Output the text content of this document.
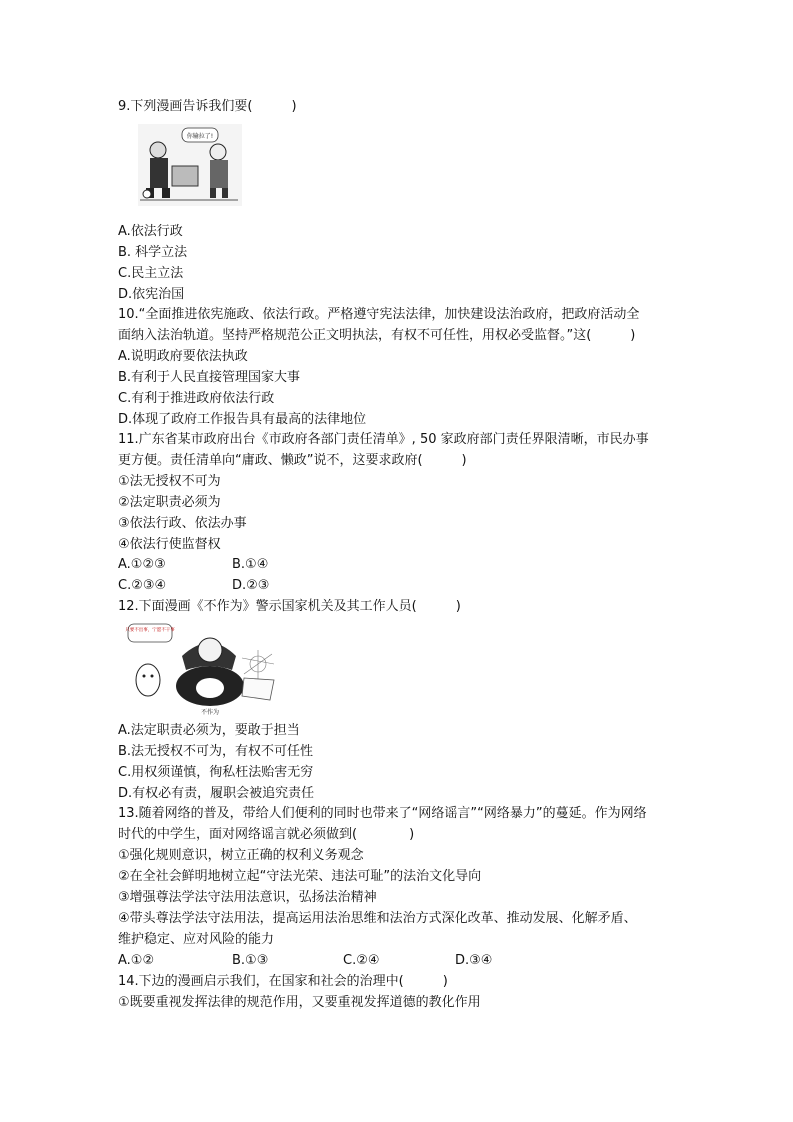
9.下列漫画告诉我们要(　　　)
你输拉了!
A.依法行政
B. 科学立法
C.民主立法
D.依宪治国
10.“全面推进依宪施政、依法行政。严格遵守宪法法律，加快建设法治政府，把政府活动全
面纳入法治轨道。坚持严格规范公正文明执法，有权不可任性，用权必受监督。”这(　　　)
A.说明政府要依法执政
B.有利于人民直接管理国家大事
C.有利于推进政府依法行政
D.体现了政府工作报告具有最高的法律地位
11.广东省某市政府出台《市政府各部门责任清单》, 50 家政府部门责任界限清晰，市民办事
更方便。责任清单向“庸政、懒政”说不，这要求政府(　　　)
①法无授权不可为
②法定职责必须为
③依法行政、依法办事
④依法行使监督权
A.①②③	B.①④
C.②③④	D.②③
12.下面漫画《不作为》警示国家机关及其工作人员(　　　)
只要不出事，宁愿不干事
不作为
A.法定职责必须为，要敢于担当
B.法无授权不可为，有权不可任性
C.用权须谨慎，徇私枉法贻害无穷
D.有权必有责，履职会被追究责任
13.随着网络的普及，带给人们便利的同时也带来了“网络谣言”“网络暴力”的蔓延。作为网络
时代的中学生，面对网络谣言就必须做到(　　　　)
①强化规则意识，树立正确的权利义务观念
②在全社会鲜明地树立起“守法光荣、违法可耻”的法治文化导向
③增强尊法学法守法用法意识，弘扬法治精神
④带头尊法学法守法用法，提高运用法治思维和法治方式深化改革、推动发展、化解矛盾、
维护稳定、应对风险的能力
A.①②	B.①③	C.②④	D.③④
14.下边的漫画启示我们，在国家和社会的治理中(　　　)
①既要重视发挥法律的规范作用，又要重视发挥道德的教化作用
